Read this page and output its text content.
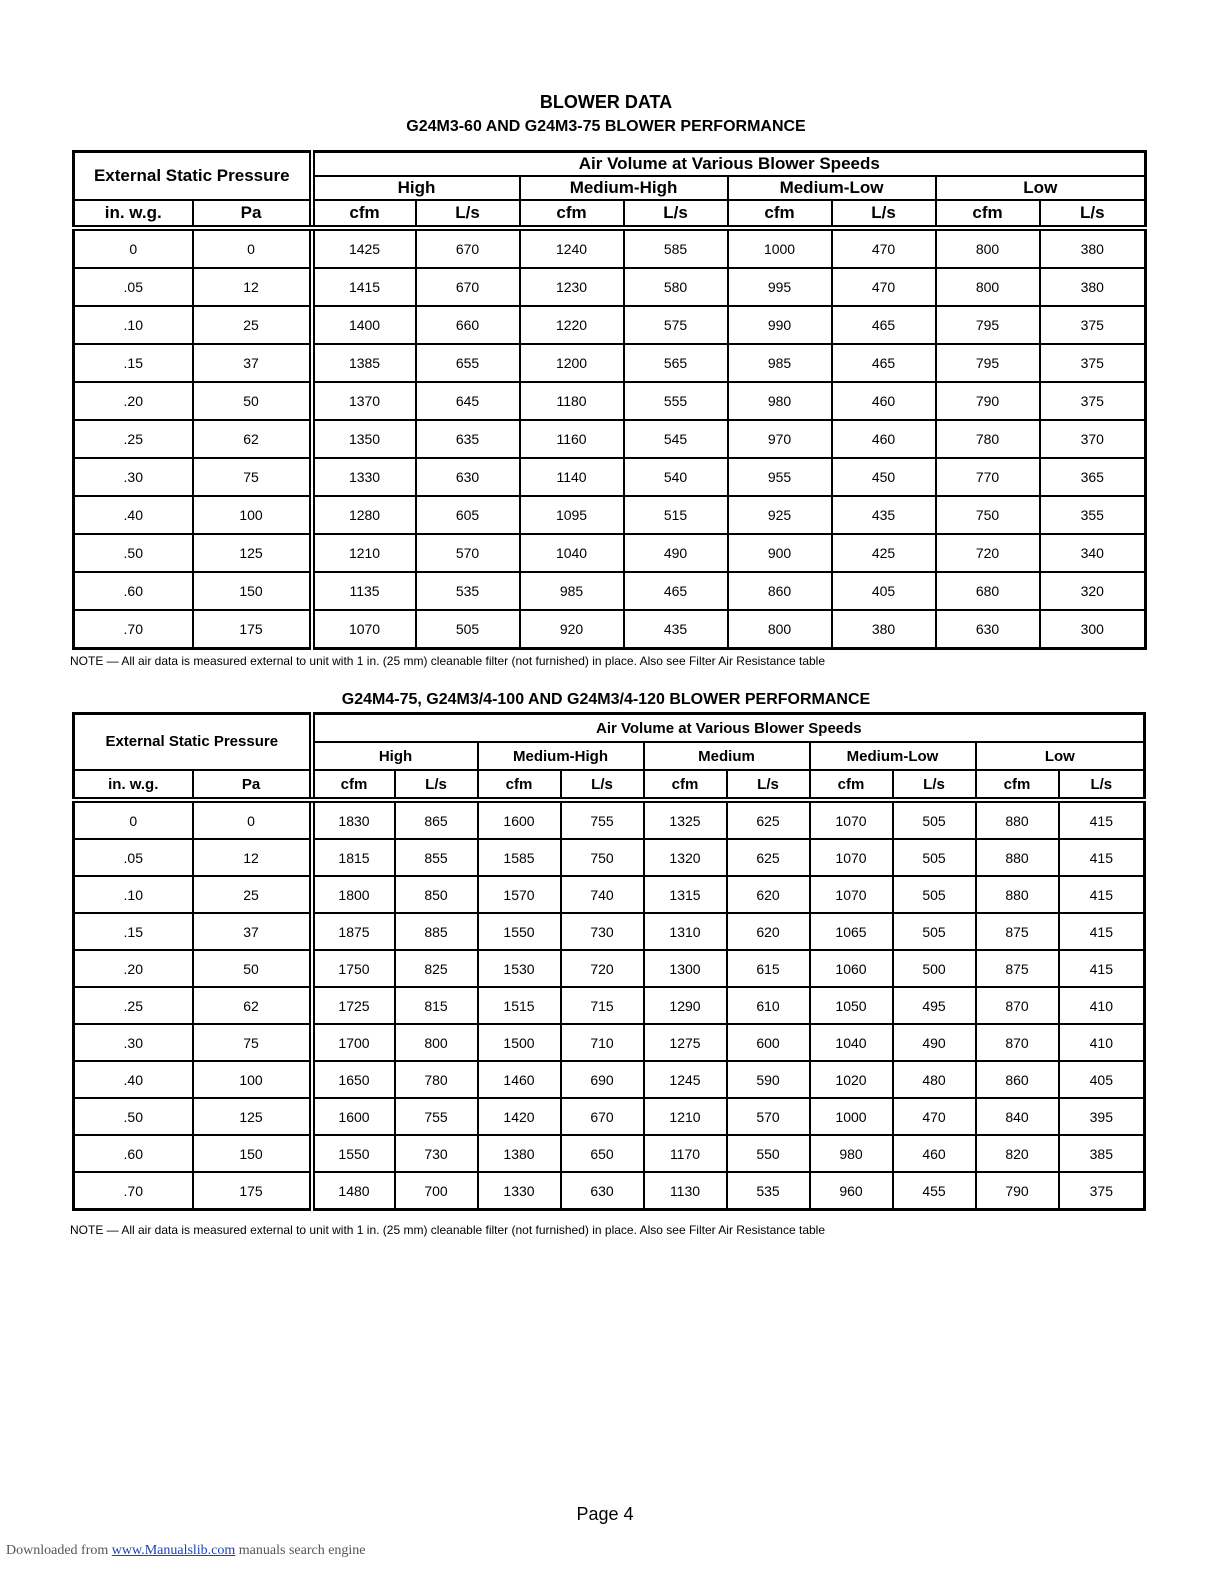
BLOWER DATA
G24M3-60 AND G24M3-75 BLOWER PERFORMANCE
External Static Pressure		Air Volume at Various Blower Speeds							
		High		Medium-High		Medium-Low		Low	
in. w.g.	Pa	cfm	L/s	cfm	L/s	cfm	L/s	cfm	L/s
0	0	1425	670	1240	585	1000	470	800	380
.05	12	1415	670	1230	580	995	470	800	380
.10	25	1400	660	1220	575	990	465	795	375
.15	37	1385	655	1200	565	985	465	795	375
.20	50	1370	645	1180	555	980	460	790	375
.25	62	1350	635	1160	545	970	460	780	370
.30	75	1330	630	1140	540	955	450	770	365
.40	100	1280	605	1095	515	925	435	750	355
.50	125	1210	570	1040	490	900	425	720	340
.60	150	1135	535	985	465	860	405	680	320
.70	175	1070	505	920	435	800	380	630	300
NOTE — All air data is measured external to unit with 1 in. (25 mm) cleanable filter (not furnished) in place. Also see Filter Air Resistance table
G24M4-75, G24M3/4-100 AND G24M3/4-120 BLOWER PERFORMANCE
External Static Pressure		Air Volume at Various Blower Speeds									
		High		Medium-High		Medium		Medium-Low		Low	
in. w.g.	Pa	cfm	L/s	cfm	L/s	cfm	L/s	cfm	L/s	cfm	L/s
0	0	1830	865	1600	755	1325	625	1070	505	880	415
.05	12	1815	855	1585	750	1320	625	1070	505	880	415
.10	25	1800	850	1570	740	1315	620	1070	505	880	415
.15	37	1875	885	1550	730	1310	620	1065	505	875	415
.20	50	1750	825	1530	720	1300	615	1060	500	875	415
.25	62	1725	815	1515	715	1290	610	1050	495	870	410
.30	75	1700	800	1500	710	1275	600	1040	490	870	410
.40	100	1650	780	1460	690	1245	590	1020	480	860	405
.50	125	1600	755	1420	670	1210	570	1000	470	840	395
.60	150	1550	730	1380	650	1170	550	980	460	820	385
.70	175	1480	700	1330	630	1130	535	960	455	790	375
NOTE — All air data is measured external to unit with 1 in. (25 mm) cleanable filter (not furnished) in place. Also see Filter Air Resistance table
Page 4
Downloaded from www.Manualslib.com manuals search engine
